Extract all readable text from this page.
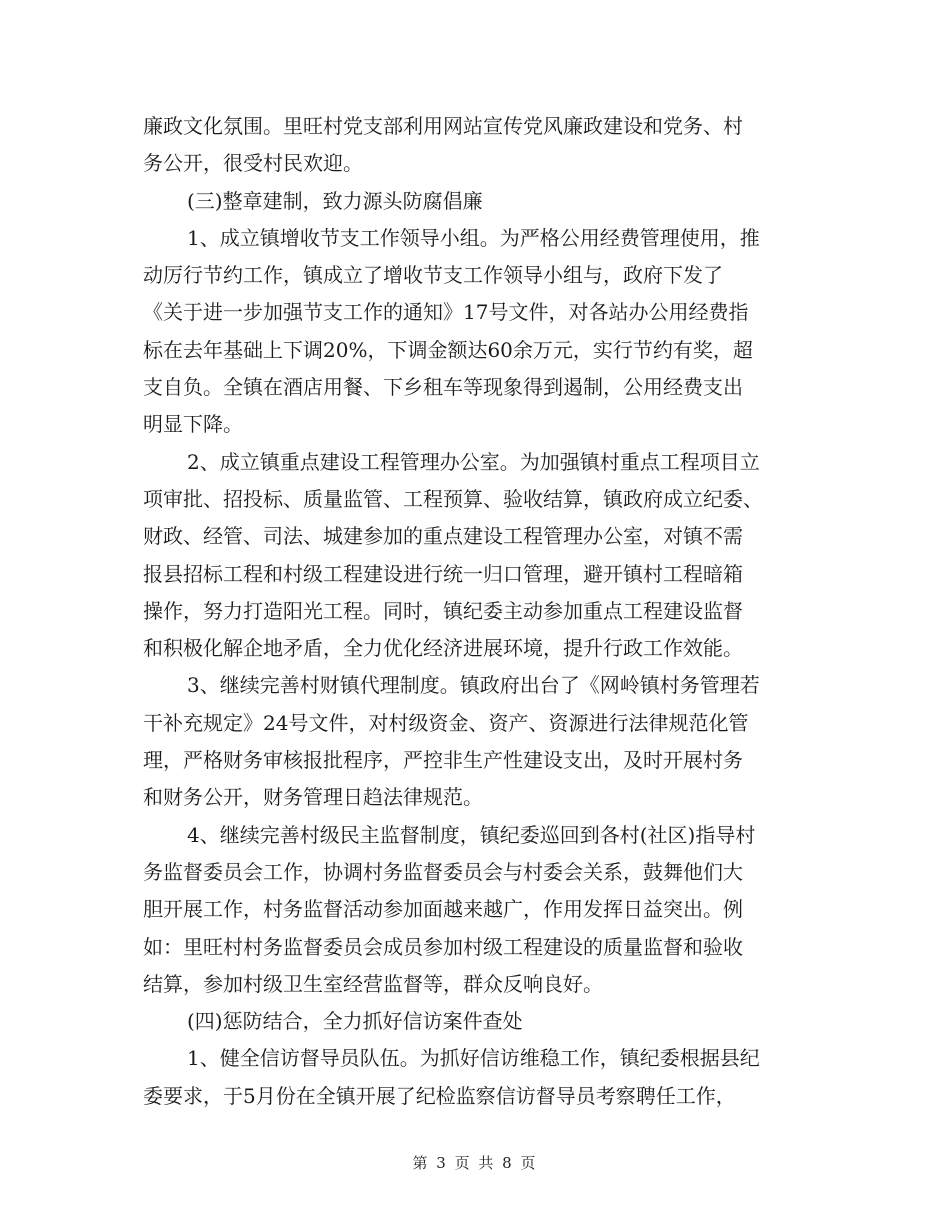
廉政文化氛围。里旺村党支部利用网站宣传党风廉政建设和党务、村

务公开，很受村民欢迎。

(三)整章建制，致力源头防腐倡廉

1、成立镇增收节支工作领导小组。为严格公用经费管理使用，推

动厉行节约工作，镇成立了增收节支工作领导小组与，政府下发了

《关于进一步加强节支工作的通知》17号文件，对各站办公用经费指

标在去年基础上下调20%，下调金额达60余万元，实行节约有奖，超

支自负。全镇在酒店用餐、下乡租车等现象得到遏制，公用经费支出

明显下降。

2、成立镇重点建设工程管理办公室。为加强镇村重点工程项目立

项审批、招投标、质量监管、工程预算、验收结算，镇政府成立纪委、

财政、经管、司法、城建参加的重点建设工程管理办公室，对镇不需

报县招标工程和村级工程建设进行统一归口管理，避开镇村工程暗箱

操作，努力打造阳光工程。同时，镇纪委主动参加重点工程建设监督

和积极化解企地矛盾，全力优化经济进展环境，提升行政工作效能。

3、继续完善村财镇代理制度。镇政府出台了《网岭镇村务管理若

干补充规定》24号文件，对村级资金、资产、资源进行法律规范化管

理，严格财务审核报批程序，严控非生产性建设支出，及时开展村务

和财务公开，财务管理日趋法律规范。

4、继续完善村级民主监督制度，镇纪委巡回到各村(社区)指导村

务监督委员会工作，协调村务监督委员会与村委会关系，鼓舞他们大

胆开展工作，村务监督活动参加面越来越广，作用发挥日益突出。例

如：里旺村村务监督委员会成员参加村级工程建设的质量监督和验收

结算，参加村级卫生室经营监督等，群众反响良好。

(四)惩防结合，全力抓好信访案件查处

1、健全信访督导员队伍。为抓好信访维稳工作，镇纪委根据县纪

委要求，于5月份在全镇开展了纪检监察信访督导员考察聘任工作，

第 3 页 共 8 页
